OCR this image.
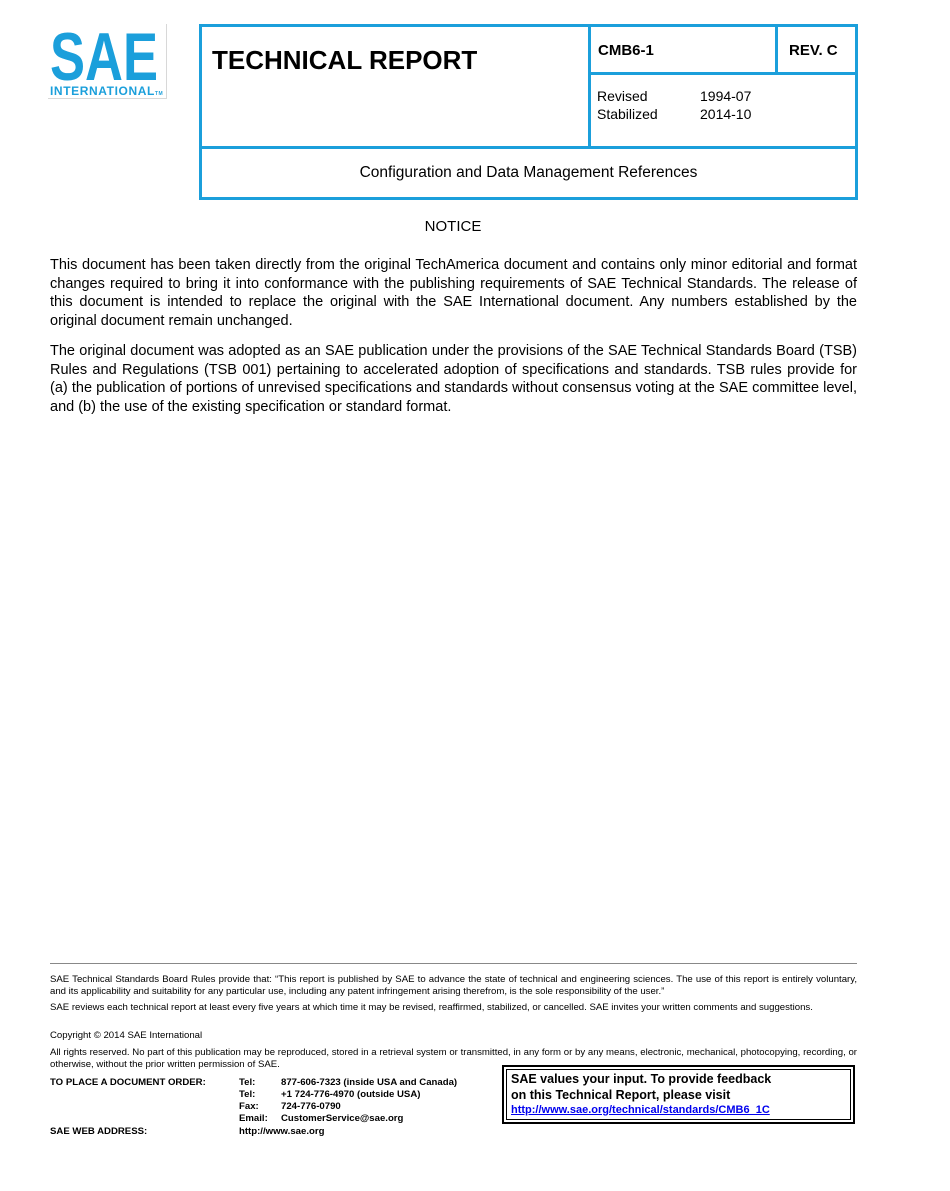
SAE
INTERNATIONALTM
TECHNICAL REPORT	CMB6-1	REV. C
Revised	1994-07
Stabilized	2014-10
Configuration and Data Management References
NOTICE
This document has been taken directly from the original TechAmerica document and contains only minor editorial and format changes required to bring it into conformance with the publishing requirements of SAE Technical Standards. The release of this document is intended to replace the original with the SAE International document. Any numbers established by the original document remain unchanged.
The original document was adopted as an SAE publication under the provisions of the SAE Technical Standards Board (TSB) Rules and Regulations (TSB 001) pertaining to accelerated adoption of specifications and standards. TSB rules provide for (a) the publication of portions of unrevised specifications and standards without consensus voting at the SAE committee level, and (b) the use of the existing specification or standard format.
SAE Technical Standards Board Rules provide that: “This report is published by SAE to advance the state of technical and engineering sciences. The use of this report is entirely voluntary, and its applicability and suitability for any particular use, including any patent infringement arising therefrom, is the sole responsibility of the user.”
SAE reviews each technical report at least every five years at which time it may be revised, reaffirmed, stabilized, or cancelled. SAE invites your written comments and suggestions.
Copyright © 2014 SAE International
All rights reserved. No part of this publication may be reproduced, stored in a retrieval system or transmitted, in any form or by any means, electronic, mechanical, photocopying, recording, or otherwise, without the prior written permission of SAE.
TO PLACE A DOCUMENT ORDER:	Tel:	877-606-7323 (inside USA and Canada)
Tel:	+1 724-776-4970 (outside USA)
Fax: 724-776-0790
Email: CustomerService@sae.org
SAE WEB ADDRESS:	http://www.sae.org
SAE values your input. To provide feedback
on this Technical Report, please visit
http://www.sae.org/technical/standards/CMB6_1C
